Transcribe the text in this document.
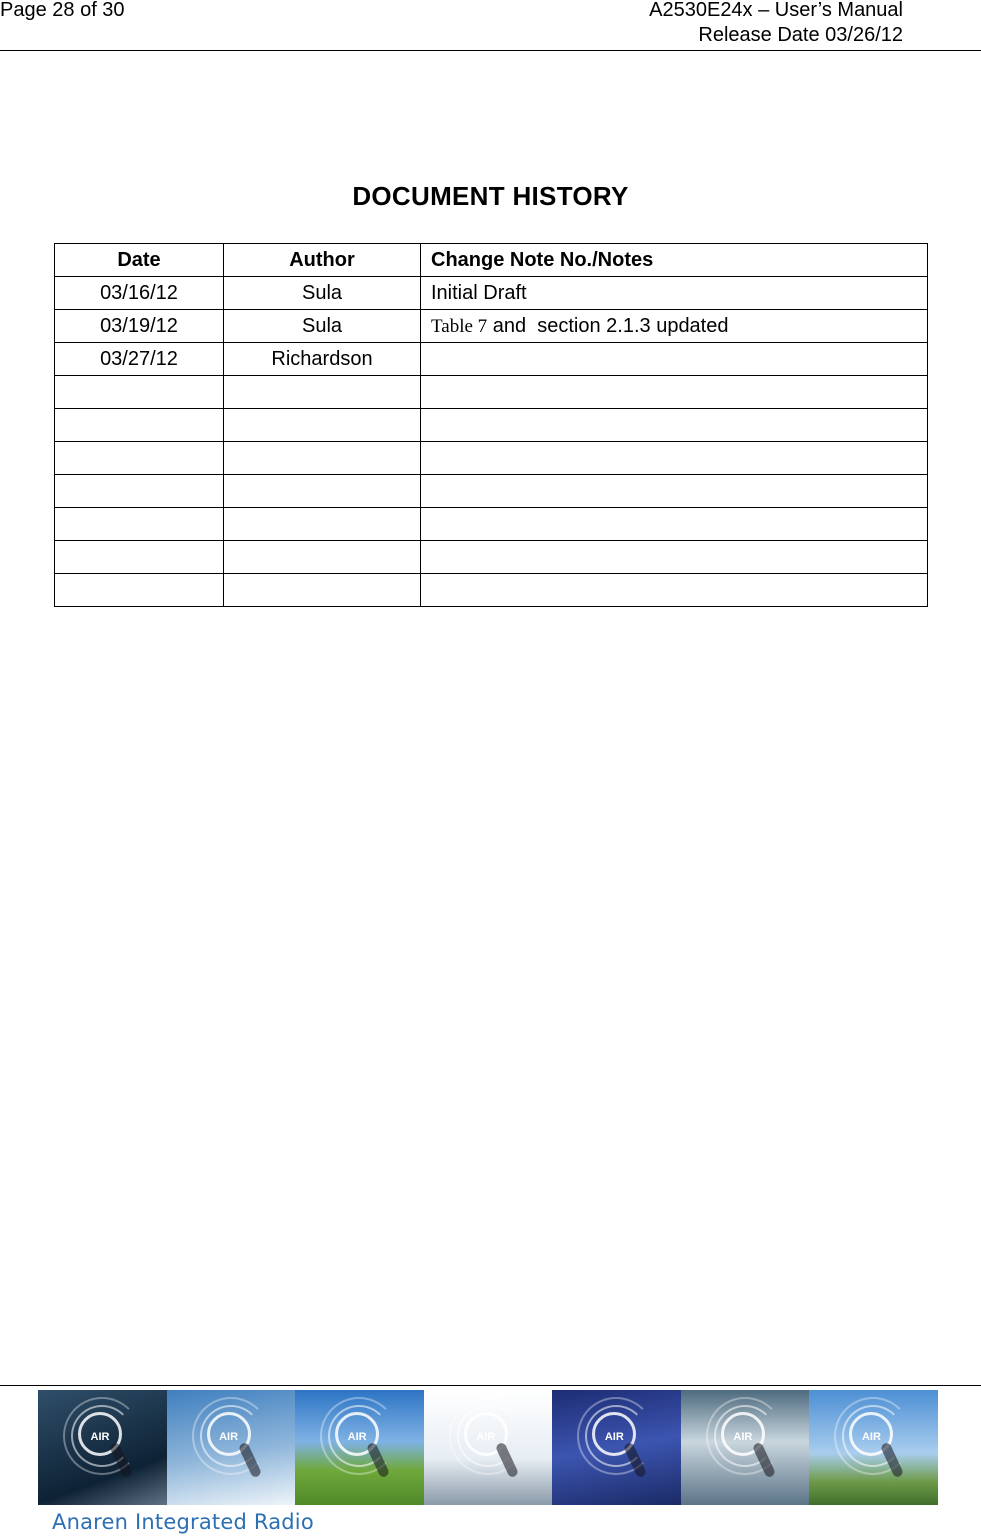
Page 28 of 30	A2530E24x – User’s Manual
Release Date 03/26/12
DOCUMENT HISTORY
Date	Author	Change Note No./Notes
03/16/12	Sula	Initial Draft
03/19/12	Sula	Table 7 and  section 2.1.3 updated
03/27/12	Richardson	

AIR	AIR	AIR	AIR	AIR	AIR	AIR
Anaren Integrated Radio
